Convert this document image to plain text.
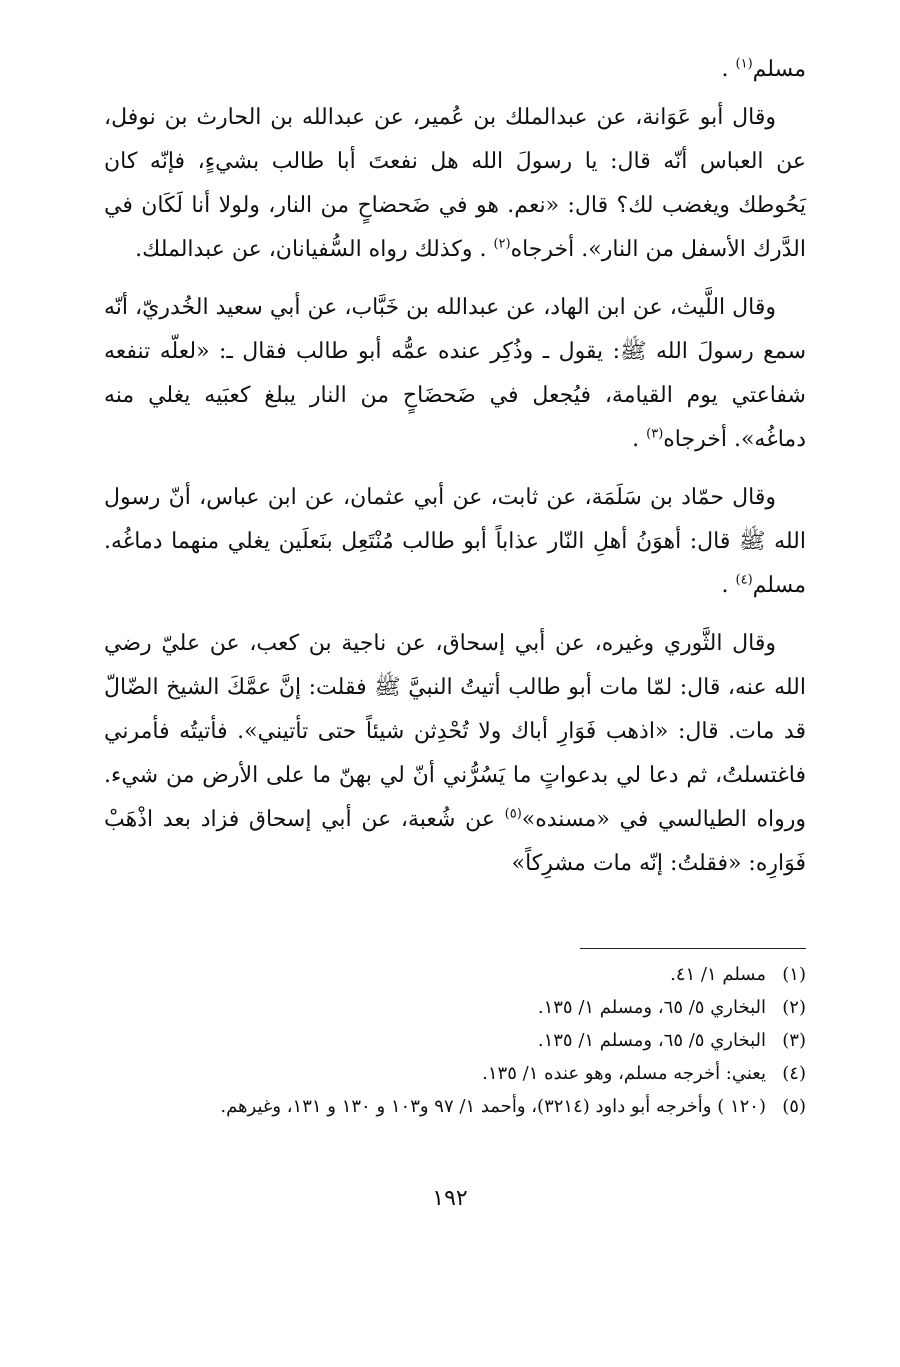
مسلم$^{(١)}$ .

وقال أبو عَوَانة، عن عبدالملك بن عُمير، عن عبدالله بن الحارث بن نوفل، عن العباس أنّه قال: يا رسولَ الله هل نفعتَ أبا طالب بشيءٍ، فإنّه كان يَحُوطك ويغضب لك؟ قال: «نعم. هو في ضَحضاحٍ من النار، ولولا أنا لَكَان في الدَّرك الأسفل من النار». أخرجاه$^{(٢)}$ . وكذلك رواه السُّفيانان، عن عبدالملك.

وقال اللَّيث، عن ابن الهاد، عن عبدالله بن خَبَّاب، عن أبي سعيد الخُدريّ، أنّه سمع رسولَ الله ﷺ: يقول ـ وذُكِر عنده عمُّه أبو طالب فقال ـ: «لعلّه تنفعه شفاعتي يوم القيامة، فيُجعل في ضَحضَاحٍ من النار يبلغ كعبَيه يغلي منه دماغُه». أخرجاه$^{(٣)}$ .

وقال حمّاد بن سَلَمَة، عن ثابت، عن أبي عثمان، عن ابن عباس، أنّ رسول الله ﷺ قال: أهوَنُ أهلِ النّار عذاباً أبو طالب مُنْتَعِل بنَعلَين يغلي منهما دماغُه. مسلم$^{(٤)}$ .

وقال الثَّوري وغيره، عن أبي إسحاق، عن ناجية بن كعب، عن عليّ رضي الله عنه، قال: لمّا مات أبو طالب أتيتُ النبيَّ ﷺ فقلت: إنَّ عمَّكَ الشيخ الضّالّ قد مات. قال: «اذهب فَوَارِ أباك ولا تُحْدِثن شيئاً حتى تأتيني». فأتيتُه فأمرني فاغتسلتُ، ثم دعا لي بدعواتٍ ما يَسُرُّني أنّ لي بهنّ ما على الأرض من شيء. ورواه الطيالسي في «مسنده»$^{(٥)}$ عن شُعبة، عن أبي إسحاق فزاد بعد اذْهَبْ فَوَارِه: «فقلتُ: إنّه مات مشرِكاً»

(١)
مسلم ١/ ٤١.
(٢)
البخاري ٥/ ٦٥، ومسلم ١/ ١٣٥.
(٣)
البخاري ٥/ ٦٥، ومسلم ١/ ١٣٥.
(٤)
يعني: أخرجه مسلم، وهو عنده ١/ ١٣٥.
(٥)
(١٢٠ ) وأخرجه أبو داود (٣٢١٤)، وأحمد ١/ ٩٧ و١٠٣ و ١٣٠ و ١٣١، وغيرهم.
١٩٢
